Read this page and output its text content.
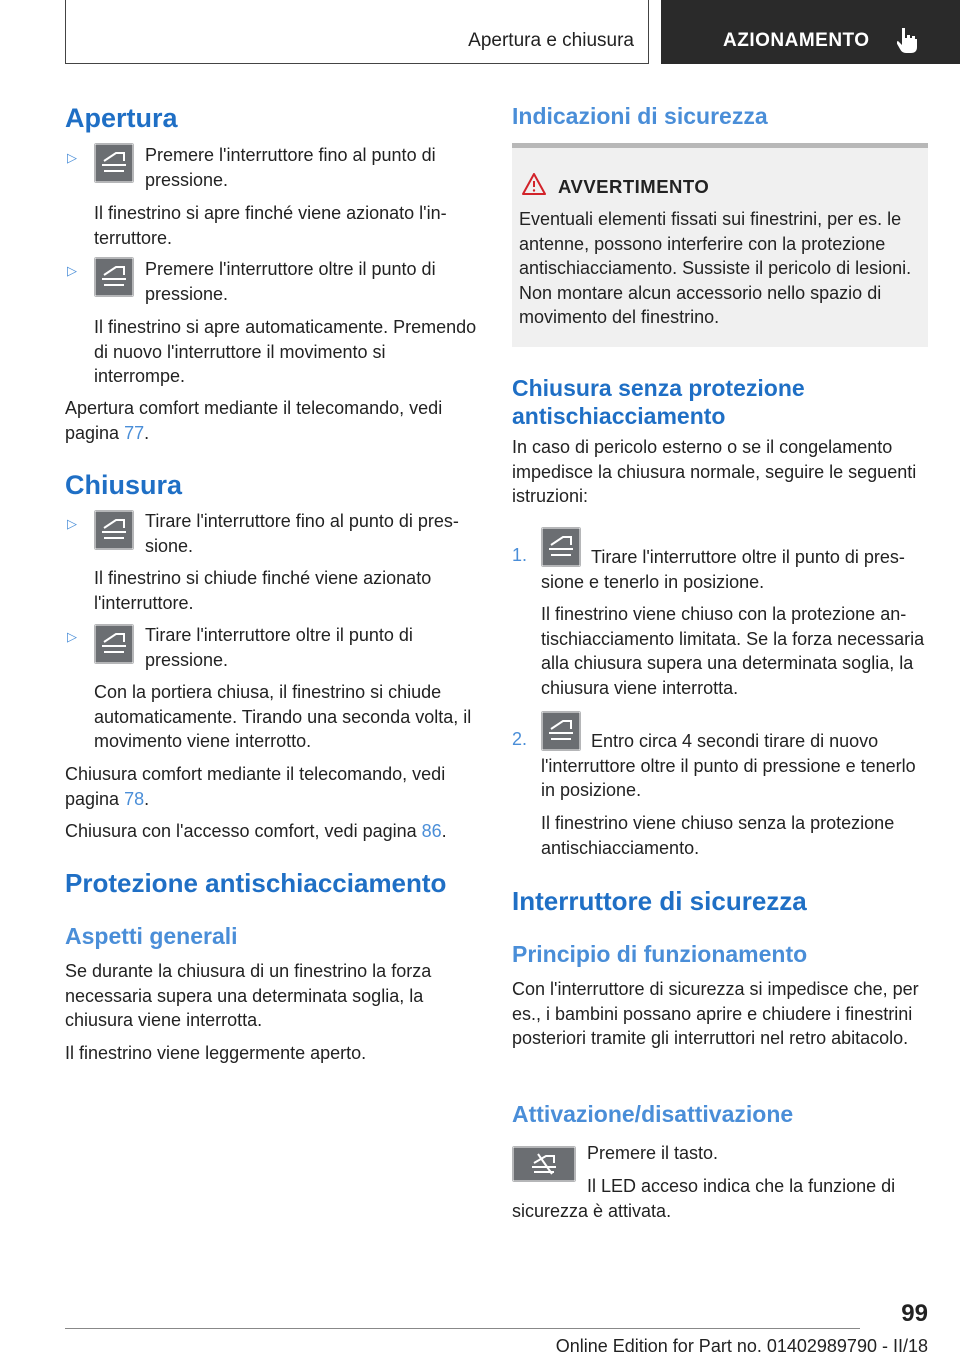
Apertura e chiusura	AZIONAMENTO
Apertura
▷	Premere l'interruttore fino al punto di pressione.
Il finestrino si apre finché viene azionato l'interruttore.
▷	Premere l'interruttore oltre il punto di pressione.
Il finestrino si apre automaticamente. Premendo di nuovo l'interruttore il movimento si interrompe.
Apertura comfort mediante il telecomando, vedi pagina 77.
Chiusura
▷	Tirare l'interruttore fino al punto di pressione.
Il finestrino si chiude finché viene azionato l'interruttore.
▷	Tirare l'interruttore oltre il punto di pressione.
Con la portiera chiusa, il finestrino si chiude automaticamente. Tirando una seconda volta, il movimento viene interrotto.
Chiusura comfort mediante il telecomando, vedi pagina 78.
Chiusura con l'accesso comfort, vedi pagina 86.
Protezione antischiacciamento
Aspetti generali
Se durante la chiusura di un finestrino la forza necessaria supera una determinata soglia, la chiusura viene interrotta.
Il finestrino viene leggermente aperto.
Indicazioni di sicurezza
AVVERTIMENTO
Eventuali elementi fissati sui finestrini, per es. le antenne, possono interferire con la protezione antischiacciamento. Sussiste il pericolo di lesioni. Non montare alcun accessorio nello spazio di movimento del finestrino.
Chiusura senza protezione antischiacciamento
In caso di pericolo esterno o se il congelamento impedisce la chiusura normale, seguire le seguenti istruzioni:
1.	Tirare l'interruttore oltre il punto di pressione e tenerlo in posizione.
Il finestrino viene chiuso con la protezione antischiacciamento limitata. Se la forza necessaria alla chiusura supera una determinata soglia, la chiusura viene interrotta.
2.	Entro circa 4 secondi tirare di nuovo l'interruttore oltre il punto di pressione e tenerlo in posizione.
Il finestrino viene chiuso senza la protezione antischiacciamento.
Interruttore di sicurezza
Principio di funzionamento
Con l'interruttore di sicurezza si impedisce che, per es., i bambini possano aprire e chiudere i finestrini posteriori tramite gli interruttori nel retro abitacolo.
Attivazione/disattivazione
Premere il tasto.
Il LED acceso indica che la funzione di sicurezza è attivata.
99
Online Edition for Part no. 01402989790 - II/18
